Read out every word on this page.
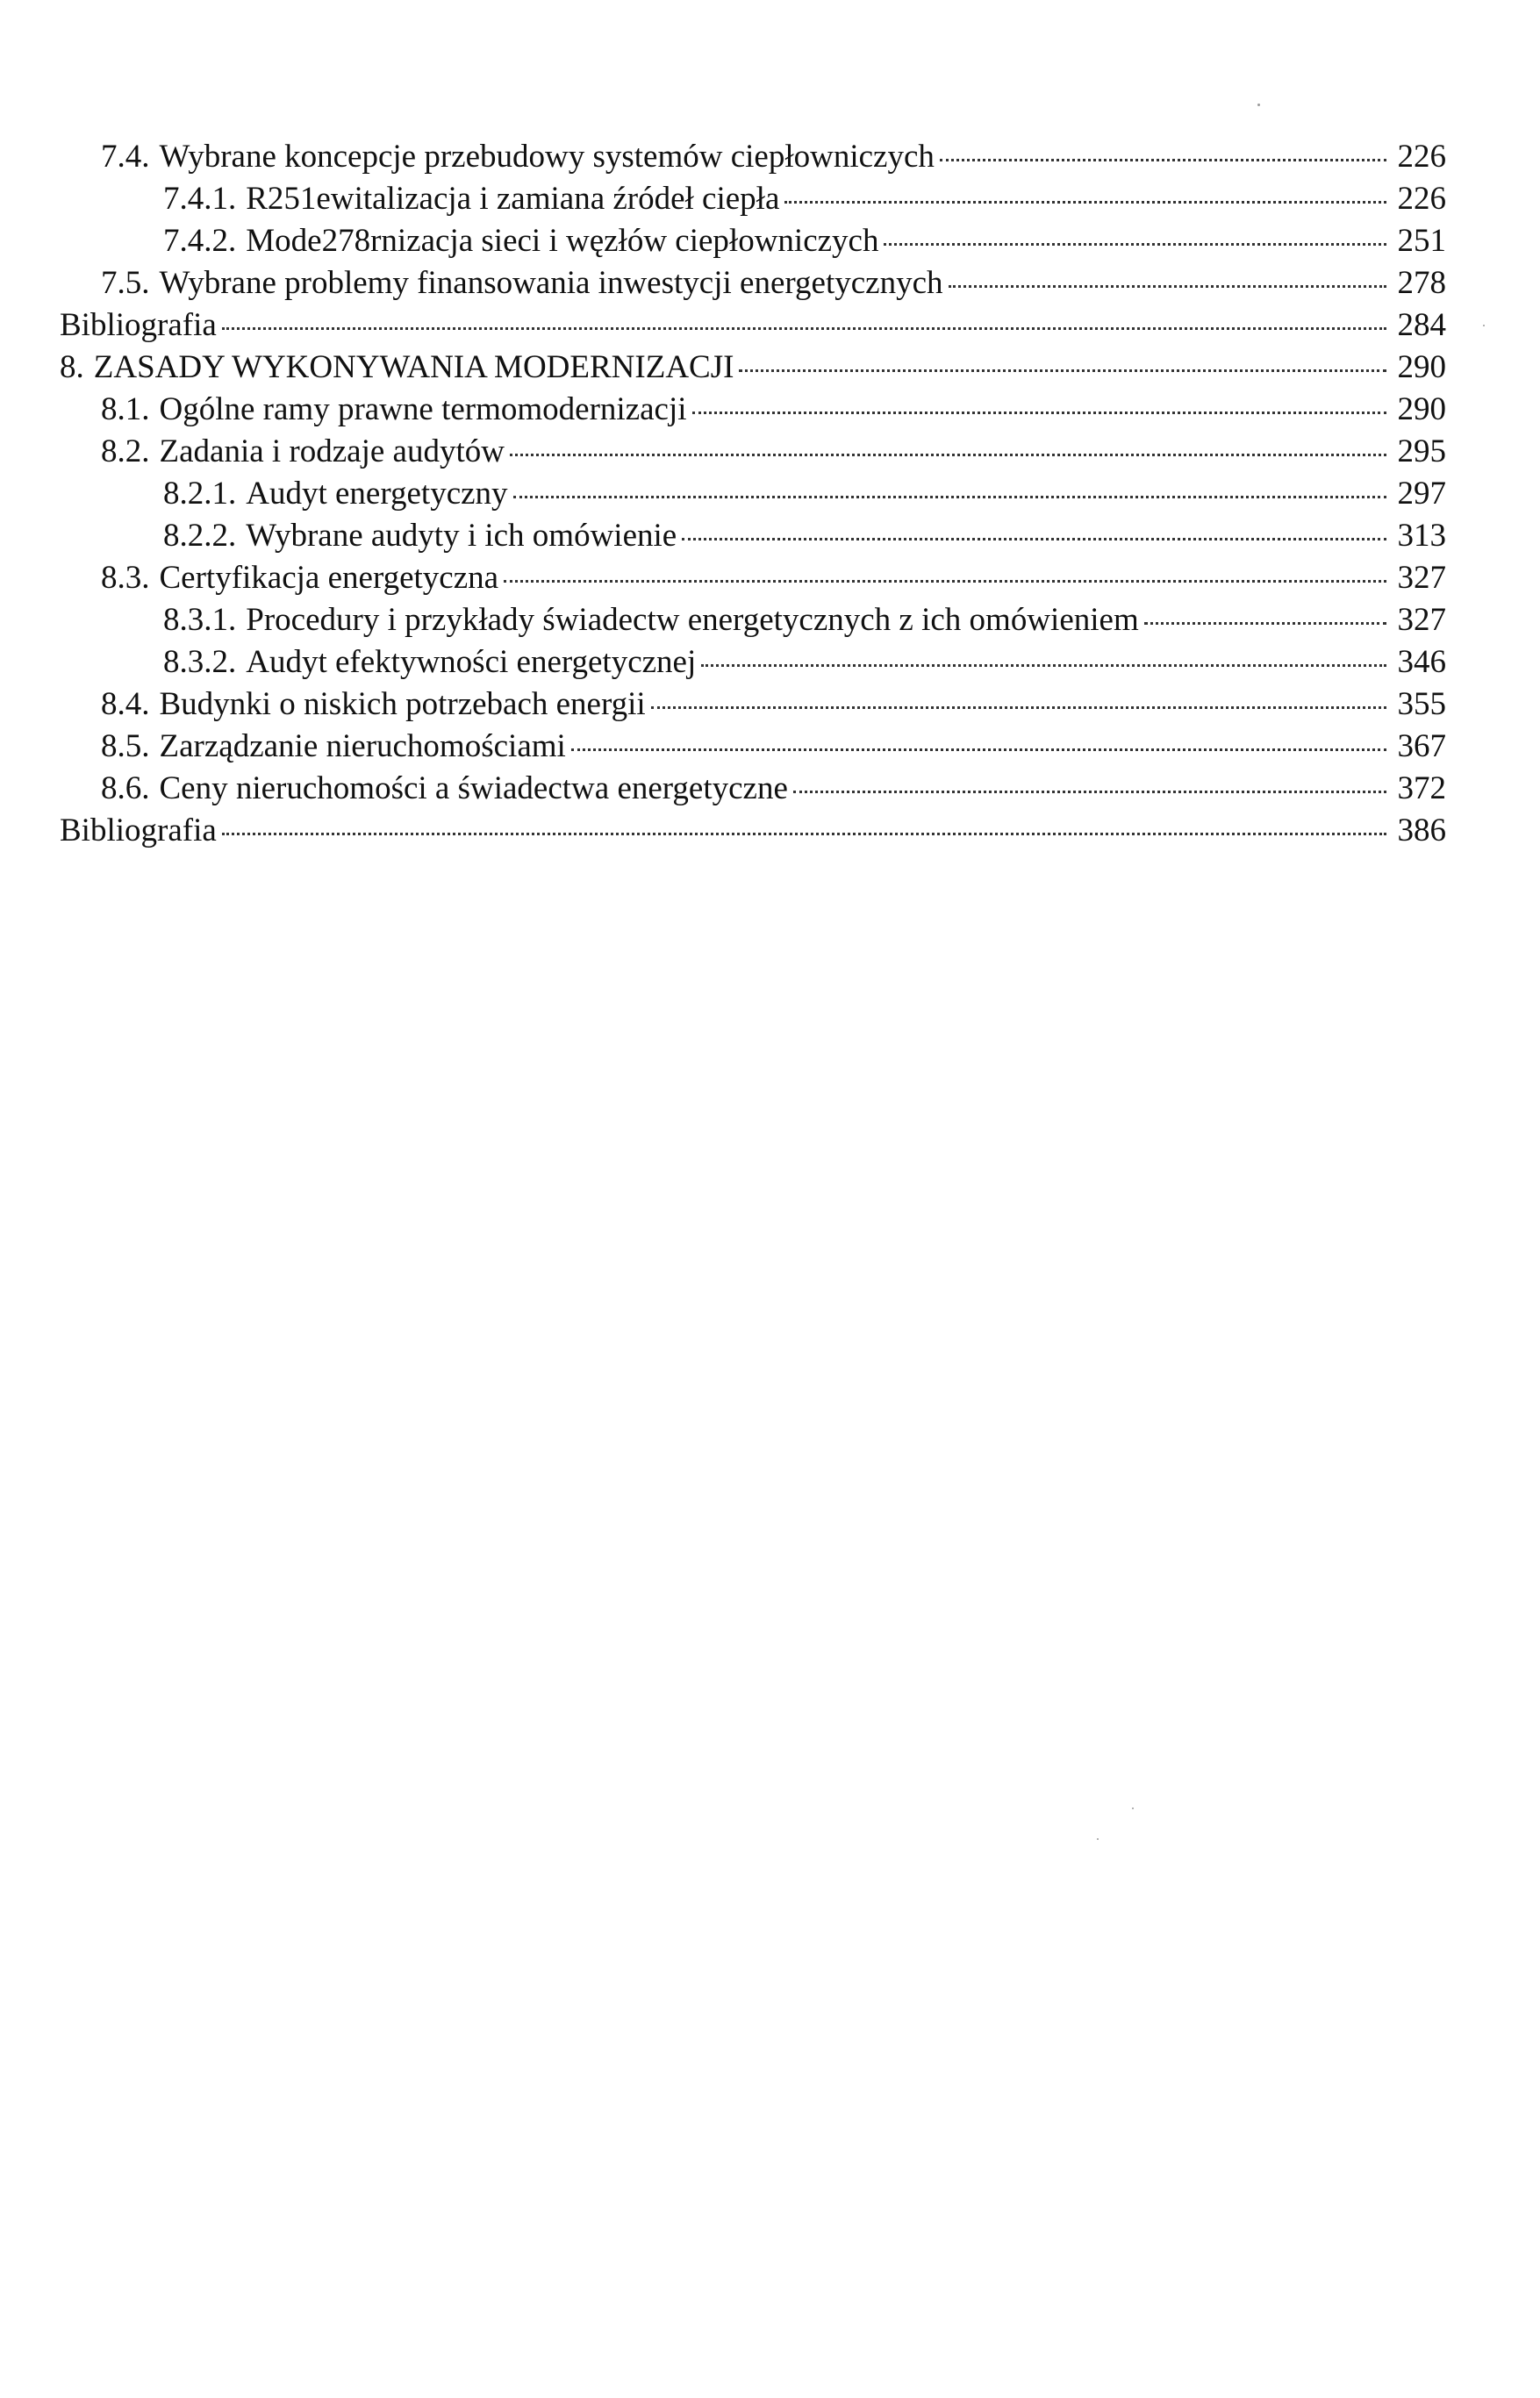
7.4. Wybrane koncepcje przebudowy systemów ciepłowniczych	226
7.4.1. R251ewitalizacja i zamiana źródeł ciepła	226
7.4.2. Mode278rnizacja sieci i węzłów ciepłowniczych	251
7.5. Wybrane problemy finansowania inwestycji energetycznych	278
Bibliografia	284
8. ZASADY WYKONYWANIA MODERNIZACJI	290
8.1. Ogólne ramy prawne termomodernizacji	290
8.2. Zadania i rodzaje audytów	295
8.2.1. Audyt energetyczny	297
8.2.2. Wybrane audyty i ich omówienie	313
8.3. Certyfikacja energetyczna	327
8.3.1. Procedury i przykłady świadectw energetycznych z ich omówieniem	327
8.3.2. Audyt efektywności energetycznej	346
8.4. Budynki o niskich potrzebach energii	355
8.5. Zarządzanie nieruchomościami	367
8.6. Ceny nieruchomości a świadectwa energetyczne	372
Bibliografia	386
